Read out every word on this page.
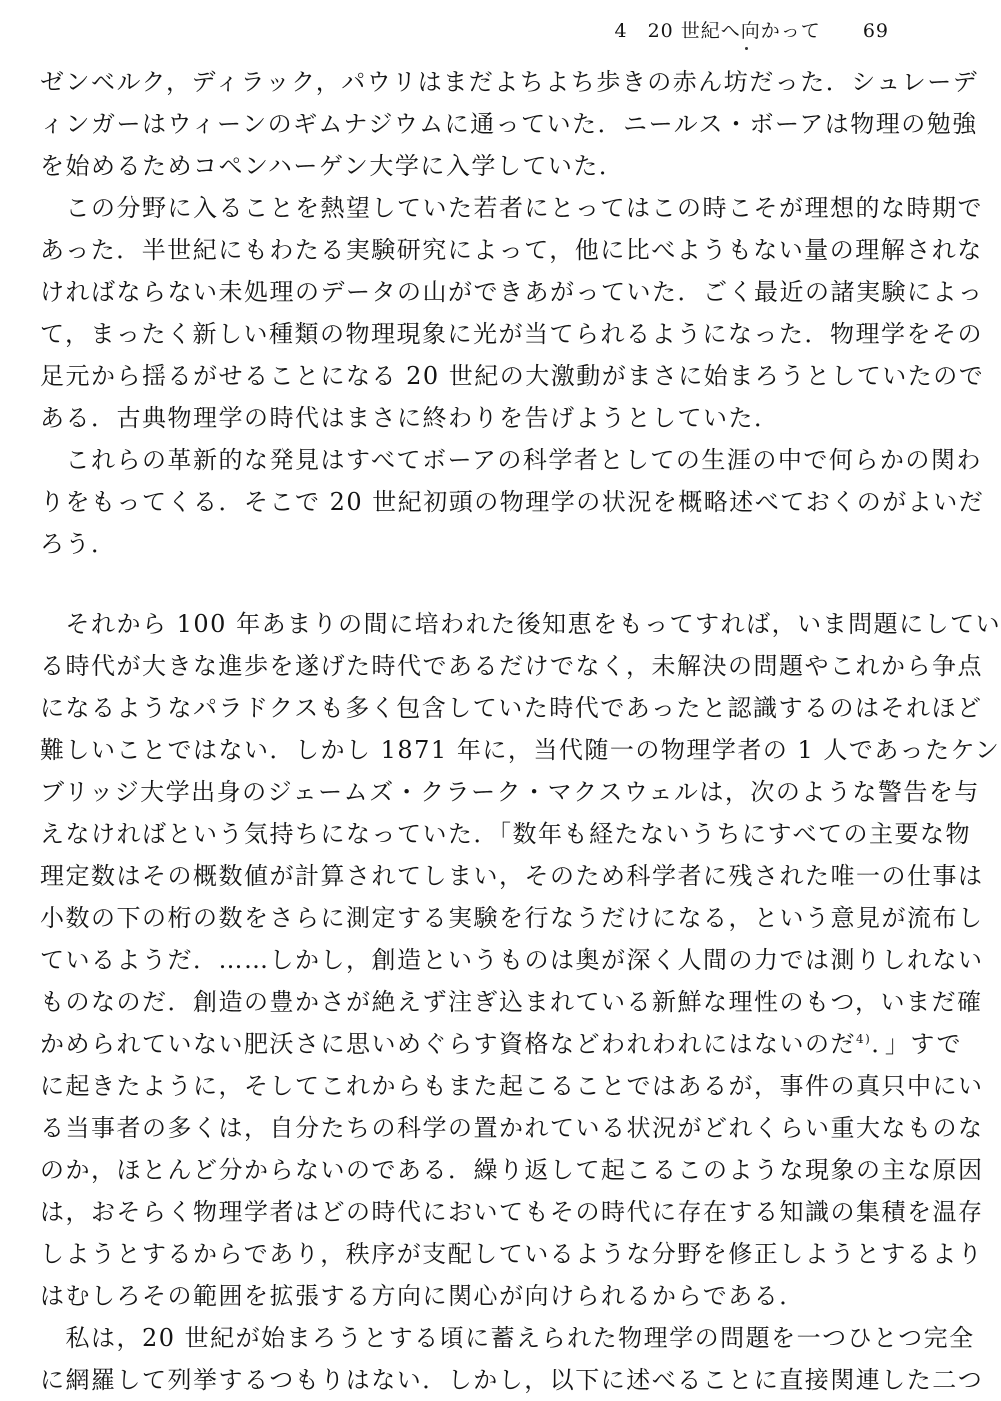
4　 20 世紀へ向かって 69
ゼンベルク，ディラック，パウリはまだよちよち歩きの赤ん坊だった．シュレーデ
ィンガーはウィーンのギムナジウムに通っていた．ニールス・ボーアは物理の勉強
を始めるためコペンハーゲン大学に入学していた．
　この分野に入ることを熱望していた若者にとってはこの時こそが理想的な時期で
あった．半世紀にもわたる実験研究によって，他に比べようもない量の理解されな
ければならない未処理のデータの山ができあがっていた．ごく最近の諸実験によっ
て，まったく新しい種類の物理現象に光が当てられるようになった．物理学をその
足元から揺るがせることになる 20 世紀の大激動がまさに始まろうとしていたので
ある．古典物理学の時代はまさに終わりを告げようとしていた．
　これらの革新的な発見はすべてボーアの科学者としての生涯の中で何らかの関わ
りをもってくる．そこで 20 世紀初頭の物理学の状況を概略述べておくのがよいだ
ろう．
　それから 100 年あまりの間に培われた後知恵をもってすれば，いま問題にしてい
る時代が大きな進歩を遂げた時代であるだけでなく，未解決の問題やこれから争点
になるようなパラドクスも多く包含していた時代であったと認識するのはそれほど
難しいことではない．しかし 1871 年に，当代随一の物理学者の 1 人であったケン
ブリッジ大学出身のジェームズ・クラーク・マクスウェルは，次のような警告を与
えなければという気持ちになっていた．「数年も経たないうちにすべての主要な物
理定数はその概数値が計算されてしまい，そのため科学者に残された唯一の仕事は
小数の下の桁の数をさらに測定する実験を行なうだけになる，という意見が流布し
ているようだ．……しかし，創造というものは奥が深く人間の力では測りしれない
ものなのだ．創造の豊かさが絶えず注ぎ込まれている新鮮な理性のもつ，いまだ確
かめられていない肥沃さに思いめぐらす資格などわれわれにはないのだ$^{4)}$．」すで
に起きたように，そしてこれからもまた起こることではあるが，事件の真只中にい
る当事者の多くは，自分たちの科学の置かれている状況がどれくらい重大なものな
のか，ほとんど分からないのである．繰り返して起こるこのような現象の主な原因
は，おそらく物理学者はどの時代においてもその時代に存在する知識の集積を温存
しようとするからであり，秩序が支配しているような分野を修正しようとするより
はむしろその範囲を拡張する方向に関心が向けられるからである．
　私は，20 世紀が始まろうとする頃に蓄えられた物理学の問題を一つひとつ完全
に網羅して列挙するつもりはない．しかし，以下に述べることに直接関連した二つ
